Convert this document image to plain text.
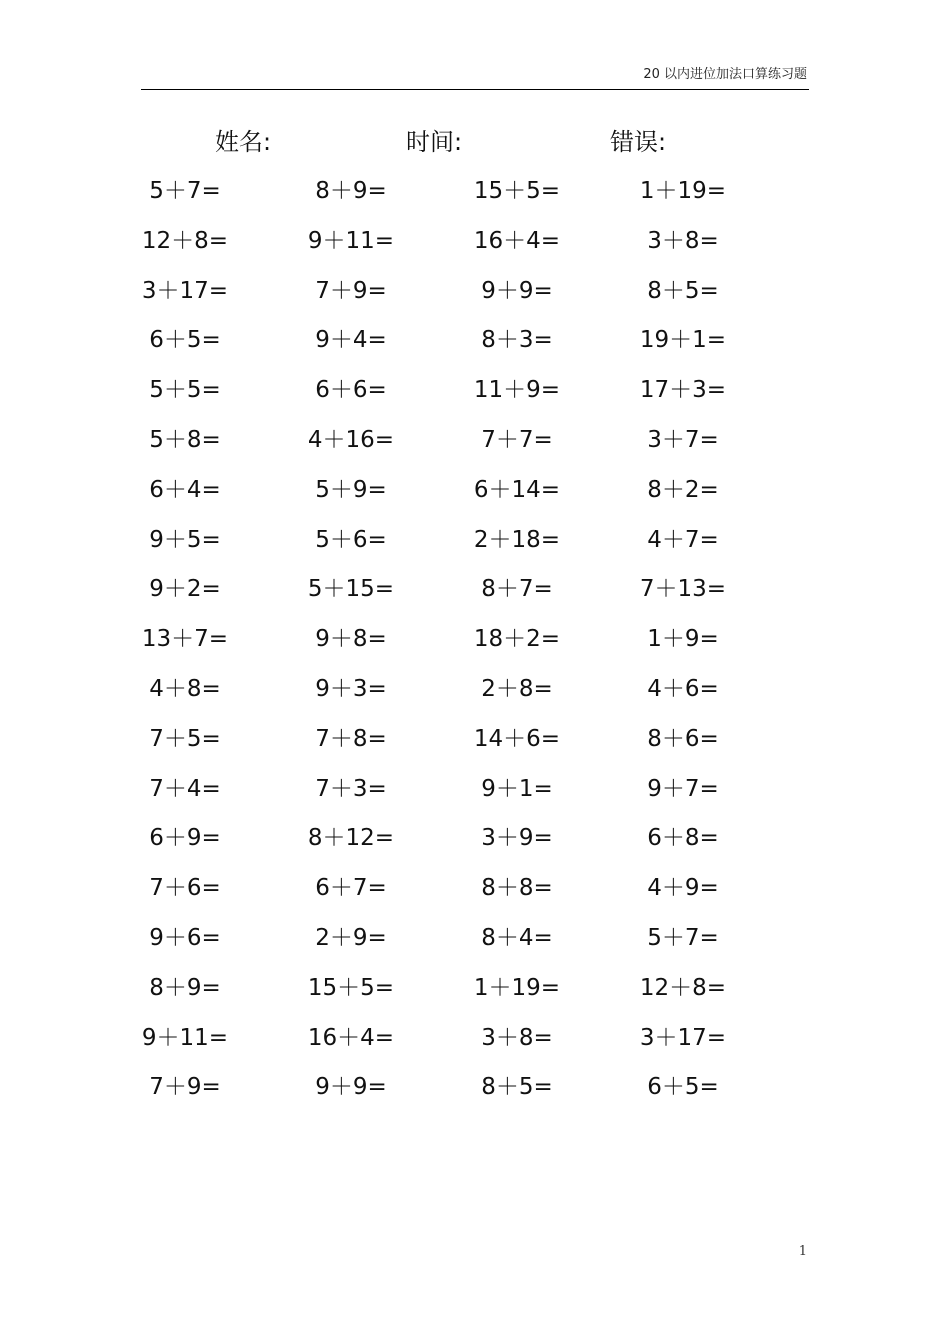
20 以内进位加法口算练习题
姓名:	时间:	错误:
5＋7=	8＋9=	15＋5=	1＋19=
12＋8=	9＋11=	16＋4=	3＋8=
3＋17=	7＋9=	9＋9=	8＋5=
6＋5=	9＋4=	8＋3=	19＋1=
5＋5=	6＋6=	11＋9=	17＋3=
5＋8=	4＋16=	7＋7=	3＋7=
6＋4=	5＋9=	6＋14=	8＋2=
9＋5=	5＋6=	2＋18=	4＋7=
9＋2=	5＋15=	8＋7=	7＋13=
13＋7=	9＋8=	18＋2=	1＋9=
4＋8=	9＋3=	2＋8=	4＋6=
7＋5=	7＋8=	14＋6=	8＋6=
7＋4=	7＋3=	9＋1=	9＋7=
6＋9=	8＋12=	3＋9=	6＋8=
7＋6=	6＋7=	8＋8=	4＋9=
9＋6=	2＋9=	8＋4=	5＋7=
8＋9=	15＋5=	1＋19=	12＋8=
9＋11=	16＋4=	3＋8=	3＋17=
7＋9=	9＋9=	8＋5=	6＋5=
1
